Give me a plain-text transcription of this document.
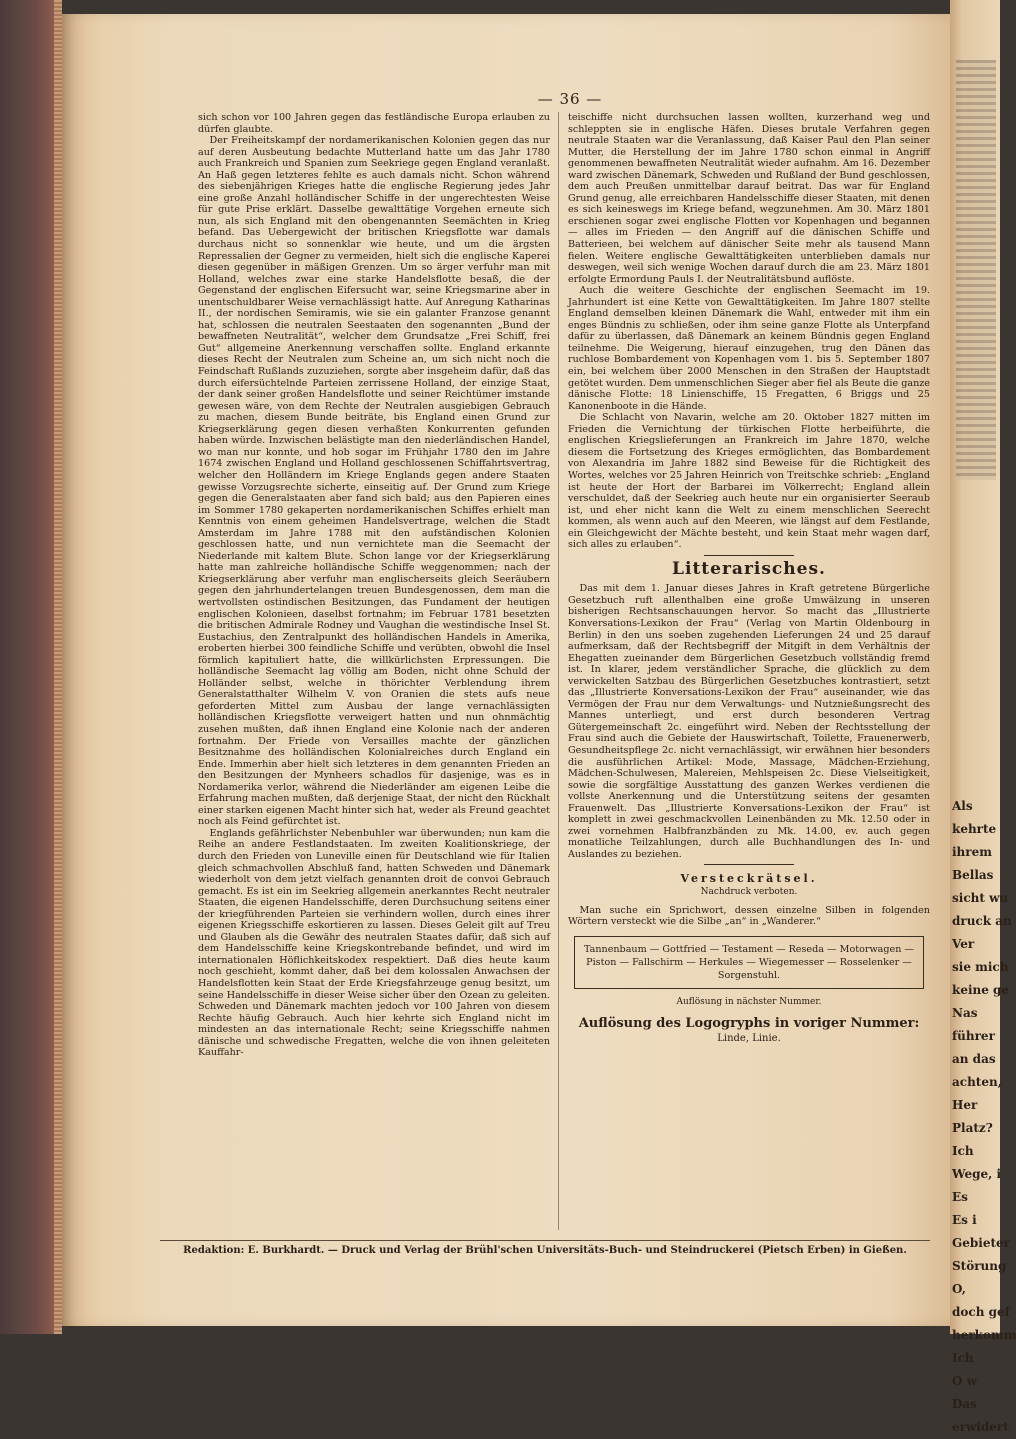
Als
kehrte
ihrem
Bellas
sicht wu
druck an
Ver
sie mich
keine ge
Nas
führer
an das
achten,
Her
Platz?
Ich
Wege, i
Es
Es i
Gebieter
Störung
O,
doch gef
herkomm
Ich
O w
Das
erwidert
— 36 —

sich schon vor 100 Jahren gegen das festländische Europa erlauben zu dürfen glaubte.

Der Freiheitskampf der nordamerikanischen Kolonien gegen das nur auf deren Ausbeutung bedachte Mutterland hatte um das Jahr 1780 auch Frankreich und Spanien zum Seekriege gegen England veranlaßt. An Haß gegen letzteres fehlte es auch damals nicht. Schon während des siebenjährigen Krieges hatte die englische Regierung jedes Jahr eine große Anzahl holländischer Schiffe in der ungerechtesten Weise für gute Prise erklärt. Dasselbe gewalttätige Vorgehen erneute sich nun, als sich England mit den obengenannten Seemächten in Krieg befand. Das Uebergewicht der britischen Kriegsflotte war damals durchaus nicht so sonnenklar wie heute, und um die ärgsten Repressalien der Gegner zu vermeiden, hielt sich die englische Kaperei diesen gegenüber in mäßigen Grenzen. Um so ärger verfuhr man mit Holland, welches zwar eine starke Handelsflotte besaß, die der Gegenstand der englischen Eifersucht war, seine Kriegsmarine aber in unentschuldbarer Weise vernachlässigt hatte. Auf Anregung Katharinas II., der nordischen Semiramis, wie sie ein galanter Franzose genannt hat, schlossen die neutralen Seestaaten den sogenannten „Bund der bewaffneten Neutralität“, welcher dem Grundsatze „Frei Schiff, frei Gut“ allgemeine Anerkennung verschaffen sollte. England erkannte dieses Recht der Neutralen zum Scheine an, um sich nicht noch die Feindschaft Rußlands zuzuziehen, sorgte aber insgeheim dafür, daß das durch eifersüchtelnde Parteien zerrissene Holland, der einzige Staat, der dank seiner großen Handelsflotte und seiner Reichtümer imstande gewesen wäre, von dem Rechte der Neutralen ausgiebigen Gebrauch zu machen, diesem Bunde beiträte, bis England einen Grund zur Kriegserklärung gegen diesen verhaßten Konkurrenten gefunden haben würde. Inzwischen belästigte man den niederländischen Handel, wo man nur konnte, und hob sogar im Frühjahr 1780 den im Jahre 1674 zwischen England und Holland geschlossenen Schiffahrtsvertrag, welcher den Holländern im Kriege Englands gegen andere Staaten gewisse Vorzugsrechte sicherte, einseitig auf. Der Grund zum Kriege gegen die Generalstaaten aber fand sich bald; aus den Papieren eines im Sommer 1780 gekaperten nordamerikanischen Schiffes erhielt man Kenntnis von einem geheimen Handelsvertrage, welchen die Stadt Amsterdam im Jahre 1788 mit den aufständischen Kolonien geschlossen hatte, und nun vernichtete man die Seemacht der Niederlande mit kaltem Blute. Schon lange vor der Kriegserklärung hatte man zahlreiche holländische Schiffe weggenommen; nach der Kriegserklärung aber verfuhr man englischerseits gleich Seeräubern gegen den jahrhundertelangen treuen Bundesgenossen, dem man die wertvollsten ostindischen Besitzungen, das Fundament der heutigen englischen Kolonieen, daselbst fortnahm; im Februar 1781 besetzten die britischen Admirale Rodney und Vaughan die westindische Insel St. Eustachius, den Zentralpunkt des holländischen Handels in Amerika, eroberten hierbei 300 feindliche Schiffe und verübten, obwohl die Insel förmlich kapituliert hatte, die willkürlichsten Erpressungen. Die holländische Seemacht lag völlig am Boden, nicht ohne Schuld der Holländer selbst, welche in thörichter Verblendung ihrem Generalstatthalter Wilhelm V. von Oranien die stets aufs neue geforderten Mittel zum Ausbau der lange vernachlässigten holländischen Kriegsflotte verweigert hatten und nun ohnmächtig zusehen mußten, daß ihnen England eine Kolonie nach der anderen fortnahm. Der Friede von Versailles machte der gänzlichen Besitznahme des holländischen Kolonialreiches durch England ein Ende. Immerhin aber hielt sich letzteres in dem genannten Frieden an den Besitzungen der Mynheers schadlos für dasjenige, was es in Nordamerika verlor, während die Niederländer am eigenen Leibe die Erfahrung machen mußten, daß derjenige Staat, der nicht den Rückhalt einer starken eigenen Macht hinter sich hat, weder als Freund geachtet noch als Feind gefürchtet ist.

Englands gefährlichster Nebenbuhler war überwunden; nun kam die Reihe an andere Festlandstaaten. Im zweiten Koalitionskriege, der durch den Frieden von Luneville einen für Deutschland wie für Italien gleich schmachvollen Abschluß fand, hatten Schweden und Dänemark wiederholt von dem jetzt vielfach genannten droit de convoi Gebrauch gemacht. Es ist ein im Seekrieg allgemein anerkanntes Recht neutraler Staaten, die eigenen Handelsschiffe, deren Durchsuchung seitens einer der kriegführenden Parteien sie verhindern wollen, durch eines ihrer eigenen Kriegsschiffe eskortieren zu lassen. Dieses Geleit gilt auf Treu und Glauben als die Gewähr des neutralen Staates dafür, daß sich auf dem Handelsschiffe keine Kriegskontrebande befindet, und wird im internationalen Höflichkeitskodex respektiert. Daß dies heute kaum noch geschieht, kommt daher, daß bei dem kolossalen Anwachsen der Handelsflotten kein Staat der Erde Kriegsfahrzeuge genug besitzt, um seine Handelsschiffe in dieser Weise sicher über den Ozean zu geleiten. Schweden und Dänemark machten jedoch vor 100 Jahren von diesem Rechte häufig Gebrauch. Auch hier kehrte sich England nicht im mindesten an das internationale Recht; seine Kriegsschiffe nahmen dänische und schwedische Fregatten, welche die von ihnen geleiteten Kauffahr-

teischiffe nicht durchsuchen lassen wollten, kurzerhand weg und schleppten sie in englische Häfen. Dieses brutale Verfahren gegen neutrale Staaten war die Veranlassung, daß Kaiser Paul den Plan seiner Mutter, die Herstellung der im Jahre 1780 schon einmal in Angriff genommenen bewaffneten Neutralität wieder aufnahm. Am 16. Dezember ward zwischen Dänemark, Schweden und Rußland der Bund geschlossen, dem auch Preußen unmittelbar darauf beitrat. Das war für England Grund genug, alle erreichbaren Handelsschiffe dieser Staaten, mit denen es sich keineswegs im Kriege befand, wegzunehmen. Am 30. März 1801 erschienen sogar zwei englische Flotten vor Kopenhagen und begannen — alles im Frieden — den Angriff auf die dänischen Schiffe und Batterieen, bei welchem auf dänischer Seite mehr als tausend Mann fielen. Weitere englische Gewalttätigkeiten unterblieben damals nur deswegen, weil sich wenige Wochen darauf durch die am 23. März 1801 erfolgte Ermordung Pauls I. der Neutralitätsbund auflöste.

Auch die weitere Geschichte der englischen Seemacht im 19. Jahrhundert ist eine Kette von Gewalttätigkeiten. Im Jahre 1807 stellte England demselben kleinen Dänemark die Wahl, entweder mit ihm ein enges Bündnis zu schließen, oder ihm seine ganze Flotte als Unterpfand dafür zu überlassen, daß Dänemark an keinem Bündnis gegen England teilnehme. Die Weigerung, hierauf einzugehen, trug den Dänen das ruchlose Bombardement von Kopenhagen vom 1. bis 5. September 1807 ein, bei welchem über 2000 Menschen in den Straßen der Hauptstadt getötet wurden. Dem unmenschlichen Sieger aber fiel als Beute die ganze dänische Flotte: 18 Linienschiffe, 15 Fregatten, 6 Briggs und 25 Kanonenboote in die Hände.

Die Schlacht von Navarin, welche am 20. Oktober 1827 mitten im Frieden die Vernichtung der türkischen Flotte herbeiführte, die englischen Kriegslieferungen an Frankreich im Jahre 1870, welche diesem die Fortsetzung des Krieges ermöglichten, das Bombardement von Alexandria im Jahre 1882 sind Beweise für die Richtigkeit des Wortes, welches vor 25 Jahren Heinrich von Treitschke schrieb: „England ist heute der Hort der Barbarei im Völkerrecht; England allein verschuldet, daß der Seekrieg auch heute nur ein organisierter Seeraub ist, und eher nicht kann die Welt zu einem menschlichen Seerecht kommen, als wenn auch auf den Meeren, wie längst auf dem Festlande, ein Gleichgewicht der Mächte besteht, und kein Staat mehr wagen darf, sich alles zu erlauben“.

Litterarisches.

Das mit dem 1. Januar dieses Jahres in Kraft getretene Bürgerliche Gesetzbuch ruft allenthalben eine große Umwälzung in unseren bisherigen Rechtsanschauungen hervor. So macht das „Illustrierte Konversations-Lexikon der Frau“ (Verlag von Martin Oldenbourg in Berlin) in den uns soeben zugehenden Lieferungen 24 und 25 darauf aufmerksam, daß der Rechtsbegriff der Mitgift in dem Verhältnis der Ehegatten zueinander dem Bürgerlichen Gesetzbuch vollständig fremd ist. In klarer, jedem verständlicher Sprache, die glücklich zu dem verwickelten Satzbau des Bürgerlichen Gesetzbuches kontrastiert, setzt das „Illustrierte Konversations-Lexikon der Frau“ auseinander, wie das Vermögen der Frau nur dem Verwaltungs- und Nutznießungsrecht des Mannes unterliegt, und erst durch besonderen Vertrag Gütergemeinschaft 2c. eingeführt wird. Neben der Rechtsstellung der Frau sind auch die Gebiete der Hauswirtschaft, Toilette, Frauenerwerb, Gesundheitspflege 2c. nicht vernachlässigt, wir erwähnen hier besonders die ausführlichen Artikel: Mode, Massage, Mädchen-Erziehung, Mädchen-Schulwesen, Malereien, Mehlspeisen 2c. Diese Vielseitigkeit, sowie die sorgfältige Ausstattung des ganzen Werkes verdienen die vollste Anerkennung und die Unterstützung seitens der gesamten Frauenwelt. Das „Illustrierte Konversations-Lexikon der Frau“ ist komplett in zwei geschmackvollen Leinenbänden zu Mk. 12.50 oder in zwei vornehmen Halbfranzbänden zu Mk. 14.00, ev. auch gegen monatliche Teilzahlungen, durch alle Buchhandlungen des In- und Auslandes zu beziehen.

Versteckrätsel.
Nachdruck verboten.

Man suche ein Sprichwort, dessen einzelne Silben in folgenden Wörtern versteckt wie die Silbe „an“ in „Wanderer.“

Tannenbaum — Gottfried — Testament — Reseda — Motorwagen — Piston — Fallschirm — Herkules — Wiegemesser — Rosselenker — Sorgenstuhl.
Auflösung in nächster Nummer.
Auflösung des Logogryphs in voriger Nummer:
Linde, Linie.
Redaktion: E. Burkhardt. — Druck und Verlag der Brühl'schen Universitäts-Buch- und Steindruckerei (Pietsch Erben) in Gießen.
